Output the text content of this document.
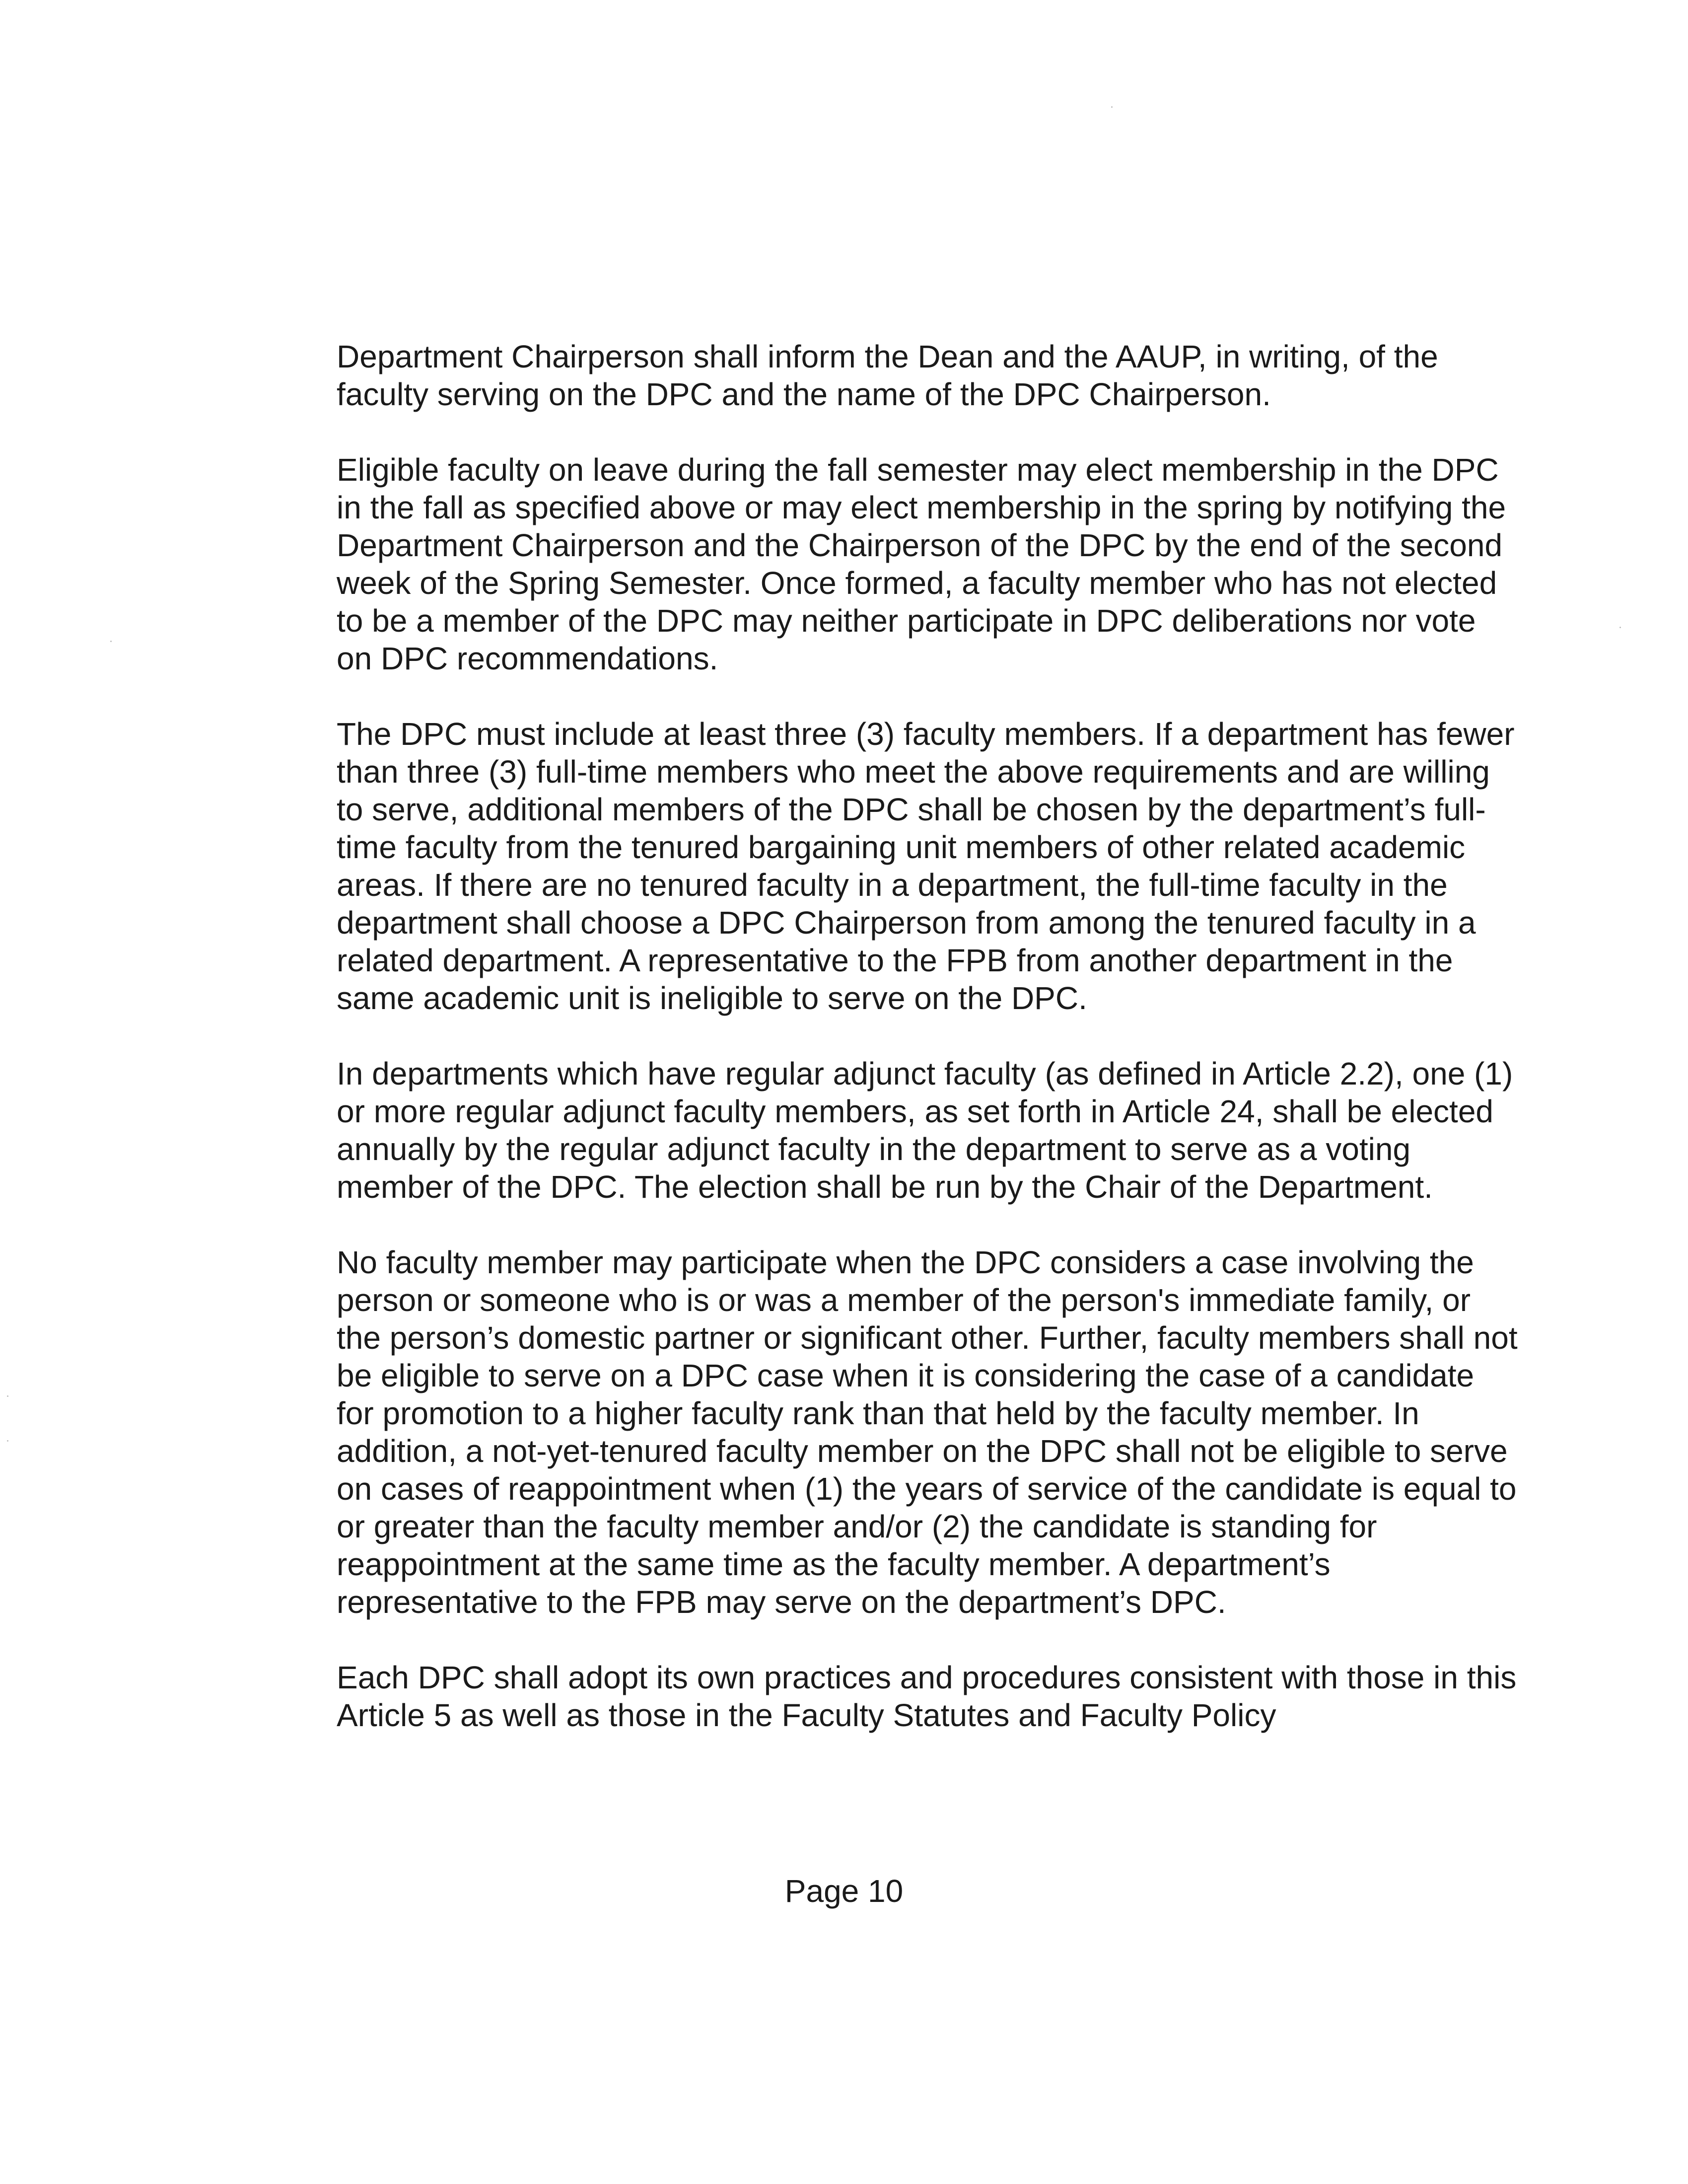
Department Chairperson shall inform the Dean and the AAUP, in writing, of the faculty serving on the DPC and the name of the DPC Chairperson.

Eligible faculty on leave during the fall semester may elect membership in the DPC in the fall as specified above or may elect membership in the spring by notifying the Department Chairperson and the Chairperson of the DPC by the end of the second week of the Spring Semester. Once formed, a faculty member who has not elected to be a member of the DPC may neither participate in DPC deliberations nor vote on DPC recommendations.

The DPC must include at least three (3) faculty members. If a department has fewer than three (3) full-time members who meet the above requirements and are willing to serve, additional members of the DPC shall be chosen by the department’s full-time faculty from the tenured bargaining unit members of other related academic areas. If there are no tenured faculty in a department, the full-time faculty in the department shall choose a DPC Chairperson from among the tenured faculty in a related department. A representative to the FPB from another department in the same academic unit is ineligible to serve on the DPC.

In departments which have regular adjunct faculty (as defined in Article 2.2), one (1) or more regular adjunct faculty members, as set forth in Article 24, shall be elected annually by the regular adjunct faculty in the department to serve as a voting member of the DPC. The election shall be run by the Chair of the Department.

No faculty member may participate when the DPC considers a case involving the person or someone who is or was a member of the person's immediate family, or the person’s domestic partner or significant other. Further, faculty members shall not be eligible to serve on a DPC case when it is considering the case of a candidate for promotion to a higher faculty rank than that held by the faculty member. In addition, a not-yet-tenured faculty member on the DPC shall not be eligible to serve on cases of reappointment when (1) the years of service of the candidate is equal to or greater than the faculty member and/or (2) the candidate is standing for reappointment at the same time as the faculty member. A department’s representative to the FPB may serve on the department’s DPC.

Each DPC shall adopt its own practices and procedures consistent with those in this Article 5 as well as those in the Faculty Statutes and Faculty Policy

Page 10
